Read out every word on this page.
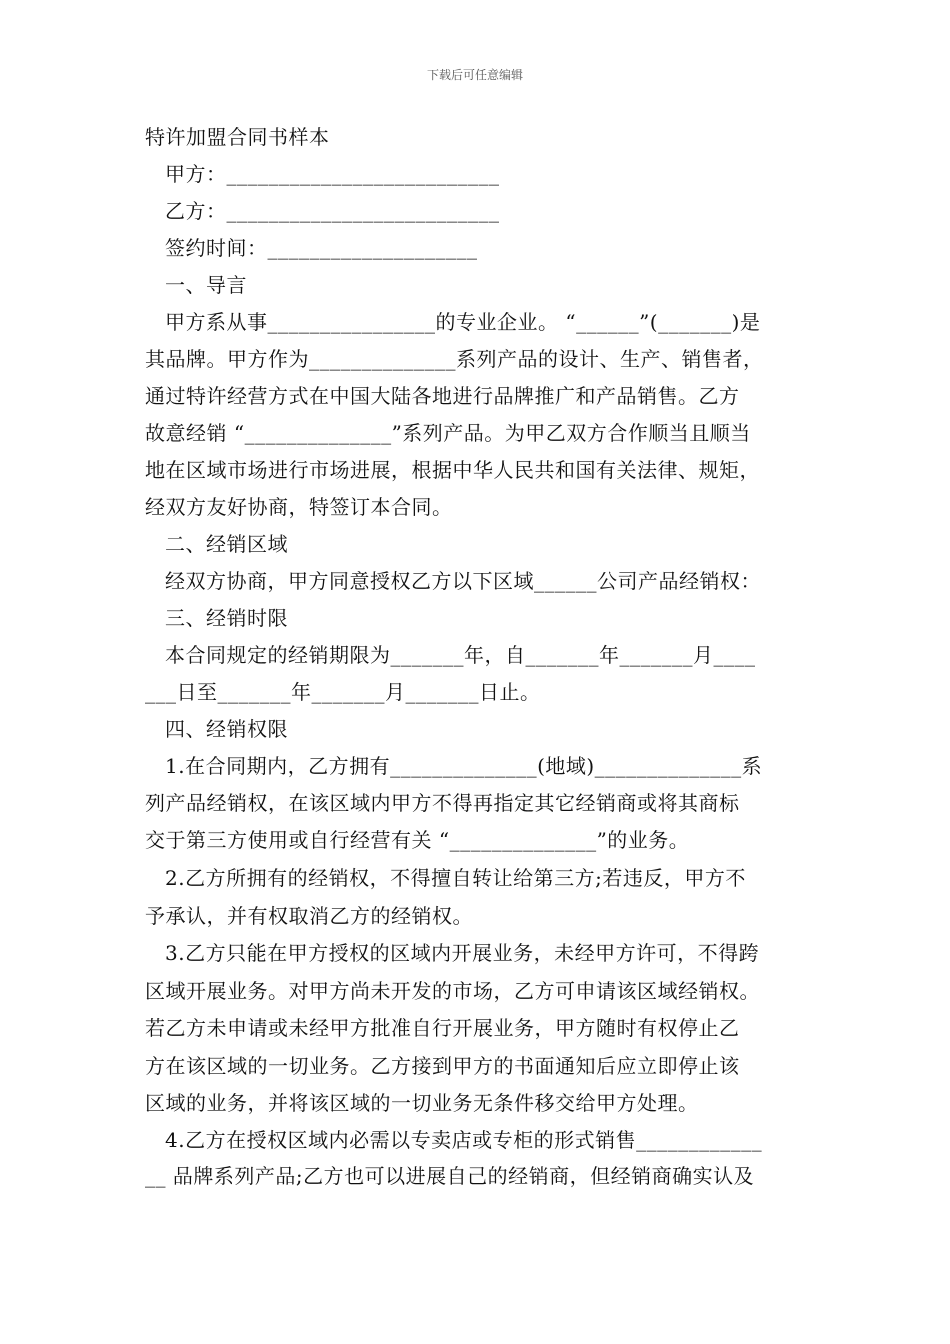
下载后可任意编辑
特许加盟合同书样本
甲方：__________________________
乙方：__________________________
签约时间：____________________
一、导言
甲方系从事________________的专业企业。 “______”(_______)是
其品牌。甲方作为______________系列产品的设计、生产、销售者，
通过特许经营方式在中国大陆各地进行品牌推广和产品销售。乙方
故意经销 “______________”系列产品。为甲乙双方合作顺当且顺当
地在区域市场进行市场进展，根据中华人民共和国有关法律、规矩，
经双方友好协商，特签订本合同。
二、经销区域
经双方协商，甲方同意授权乙方以下区域______公司产品经销权：
三、经销时限
本合同规定的经销期限为_______年，自_______年_______月____
___日至_______年_______月_______日止。
四、经销权限
1.在合同期内，乙方拥有______________(地域)______________系
列产品经销权，在该区域内甲方不得再指定其它经销商或将其商标
交于第三方使用或自行经营有关 “______________”的业务。
2.乙方所拥有的经销权，不得擅自转让给第三方;若违反，甲方不
予承认，并有权取消乙方的经销权。
3.乙方只能在甲方授权的区域内开展业务，未经甲方许可，不得跨
区域开展业务。对甲方尚未开发的市场，乙方可申请该区域经销权。
若乙方未申请或未经甲方批准自行开展业务，甲方随时有权停止乙
方在该区域的一切业务。乙方接到甲方的书面通知后应立即停止该
区域的业务，并将该区域的一切业务无条件移交给甲方处理。
4.乙方在授权区域内必需以专卖店或专柜的形式销售____________
__ 品牌系列产品;乙方也可以进展自己的经销商，但经销商确实认及
